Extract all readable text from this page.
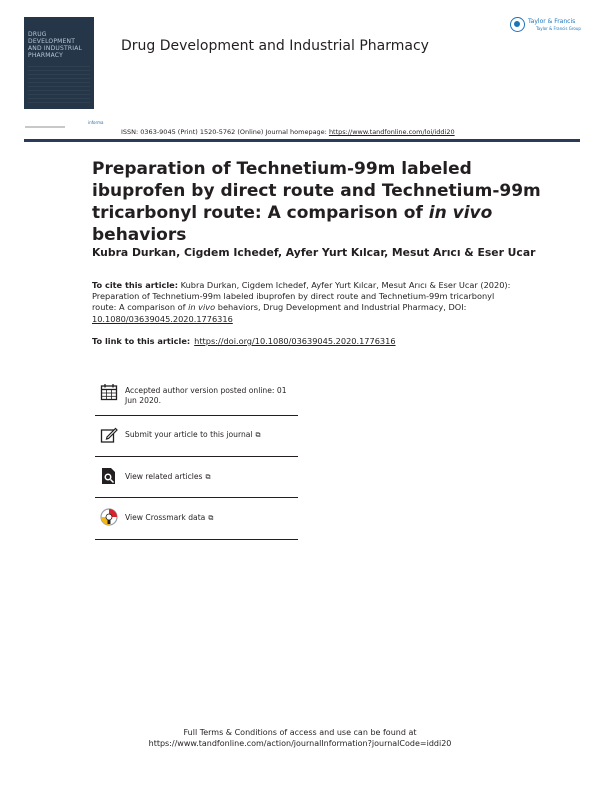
DRUG DEVELOPMENT
AND INDUSTRIAL
PHARMACY
informa
Drug Development and Industrial Pharmacy
Taylor & Francis
Taylor & Francis Group
ISSN: 0363-9045 (Print) 1520-5762 (Online) Journal homepage: https://www.tandfonline.com/loi/iddi20
Preparation of Technetium-99m labeled ibuprofen by direct route and Technetium-99m tricarbonyl route: A comparison of in vivo behaviors
Kubra Durkan, Cigdem Ichedef, Ayfer Yurt Kılcar, Mesut Arıcı & Eser Ucar
To cite this article: Kubra Durkan, Cigdem Ichedef, Ayfer Yurt Kılcar, Mesut Arıcı & Eser Ucar (2020): Preparation of Technetium-99m labeled ibuprofen by direct route and Technetium-99m tricarbonyl route: A comparison of in vivo behaviors, Drug Development and Industrial Pharmacy, DOI: 10.1080/03639045.2020.1776316
To link to this article: https://doi.org/10.1080/03639045.2020.1776316
Accepted author version posted online: 01 Jun 2020.
Submit your article to this journal ⧉
View related articles ⧉
View Crossmark data ⧉
Full Terms & Conditions of access and use can be found at
https://www.tandfonline.com/action/journalInformation?journalCode=iddi20
